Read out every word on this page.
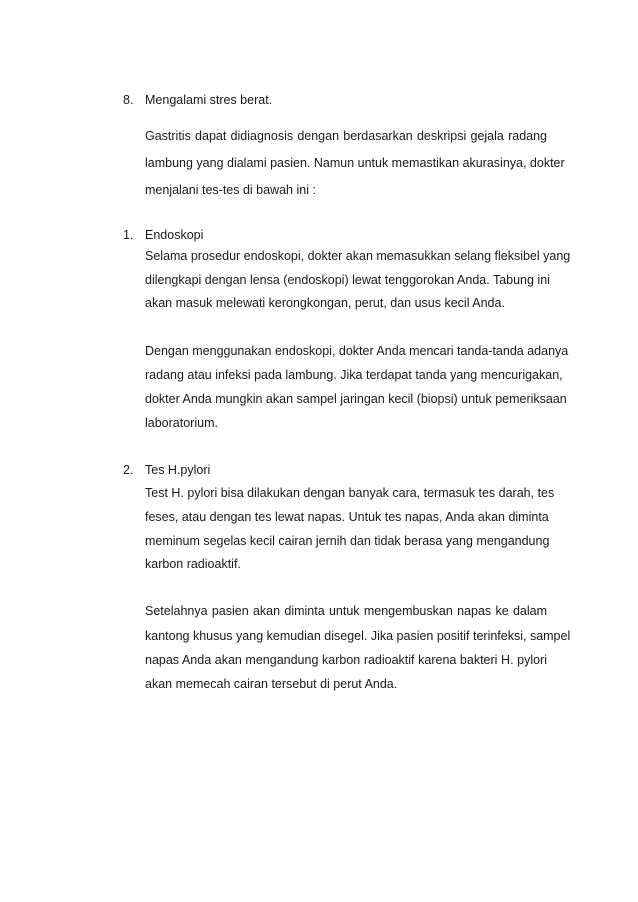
8. Mengalami stres berat.
Gastritis dapat didiagnosis dengan berdasarkan deskripsi gejala radang
lambung yang dialami pasien. Namun untuk memastikan akurasinya, dokter
menjalani tes-tes di bawah ini :
1. Endoskopi
Selama prosedur endoskopi, dokter akan memasukkan selang fleksibel yang
dilengkapi dengan lensa (endoskopi) lewat tenggorokan Anda. Tabung ini
akan masuk melewati kerongkongan, perut, dan usus kecil Anda.
Dengan menggunakan endoskopi, dokter Anda mencari tanda-tanda adanya
radang atau infeksi pada lambung. Jika terdapat tanda yang mencurigakan,
dokter Anda mungkin akan sampel jaringan kecil (biopsi) untuk pemeriksaan
laboratorium.
2. Tes H.pylori
Test H. pylori bisa dilakukan dengan banyak cara, termasuk tes darah, tes
feses, atau dengan tes lewat napas. Untuk tes napas, Anda akan diminta
meminum segelas kecil cairan jernih dan tidak berasa yang mengandung
karbon radioaktif.
Setelahnya pasien akan diminta untuk mengembuskan napas ke dalam
kantong khusus yang kemudian disegel. Jika pasien positif terinfeksi, sampel
napas Anda akan mengandung karbon radioaktif karena bakteri H. pylori
akan memecah cairan tersebut di perut Anda.
